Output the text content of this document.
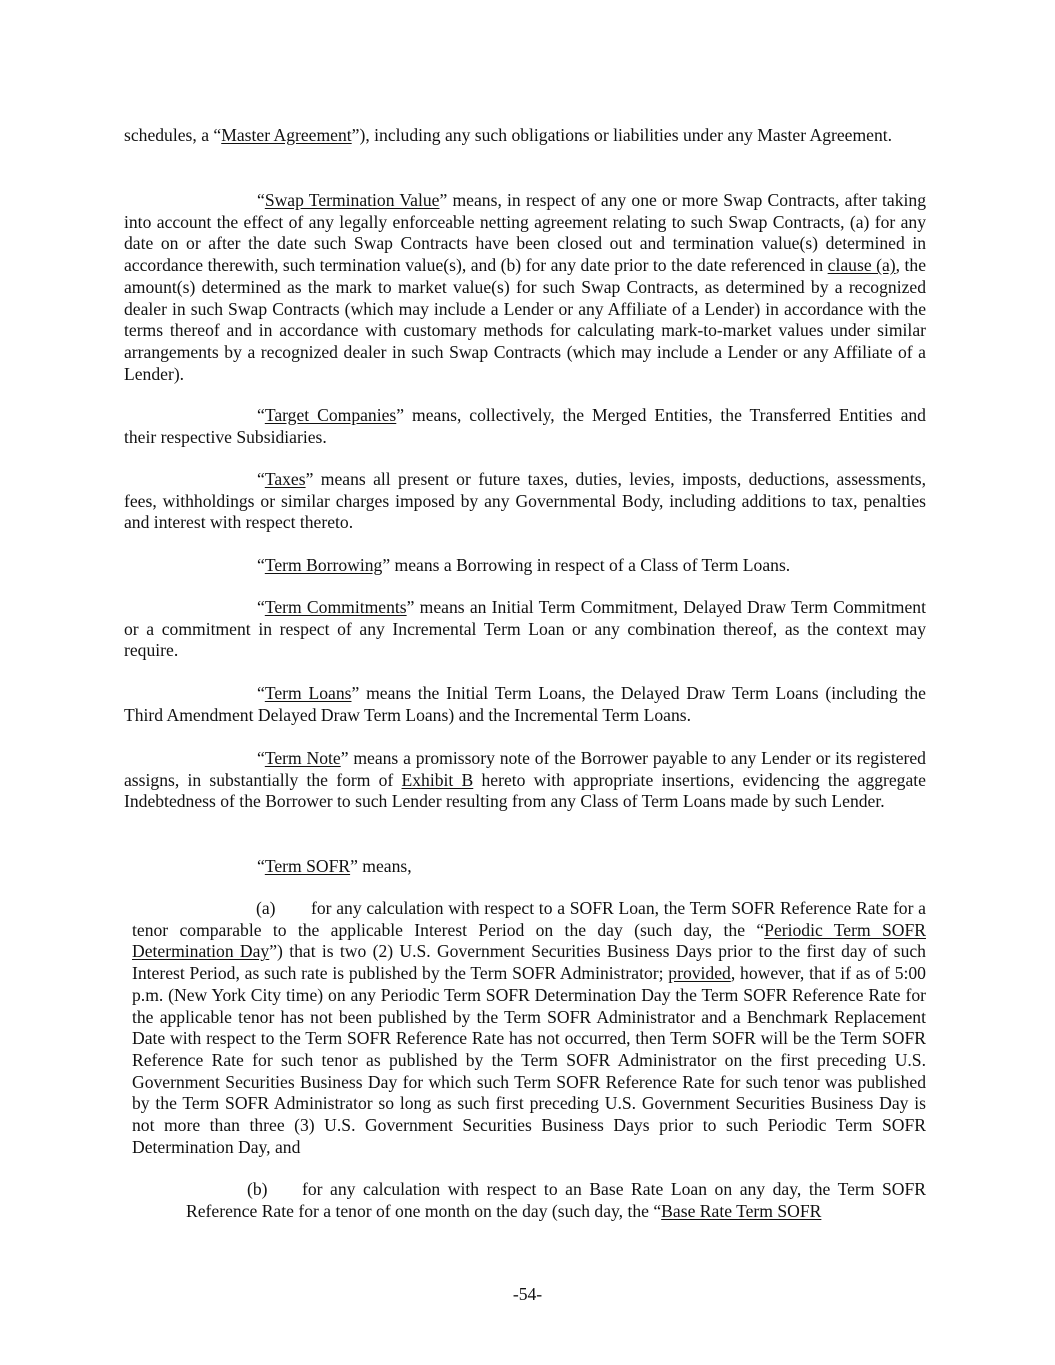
schedules, a “Master Agreement”), including any such obligations or liabilities under any Master Agreement.

“Swap Termination Value” means, in respect of any one or more Swap Contracts, after taking into account the effect of any legally enforceable netting agreement relating to such Swap Contracts, (a) for any date on or after the date such Swap Contracts have been closed out and termination value(s) determined in accordance therewith, such termination value(s), and (b) for any date prior to the date referenced in clause (a), the amount(s) determined as the mark to market value(s) for such Swap Contracts, as determined by a recognized dealer in such Swap Contracts (which may include a Lender or any Affiliate of a Lender) in accordance with the terms thereof and in accordance with customary methods for calculating mark-to-market values under similar arrangements by a recognized dealer in such Swap Contracts (which may include a Lender or any Affiliate of a Lender).

“Target Companies” means, collectively, the Merged Entities, the Transferred Entities and their respective Subsidiaries.

“Taxes” means all present or future taxes, duties, levies, imposts, deductions, assessments, fees, withholdings or similar charges imposed by any Governmental Body, including additions to tax, penalties and interest with respect thereto.

“Term Borrowing” means a Borrowing in respect of a Class of Term Loans.

“Term Commitments” means an Initial Term Commitment, Delayed Draw Term Commitment or a commitment in respect of any Incremental Term Loan or any combination thereof, as the context may require.

“Term Loans” means the Initial Term Loans, the Delayed Draw Term Loans (including the Third Amendment Delayed Draw Term Loans) and the Incremental Term Loans.

“Term Note” means a promissory note of the Borrower payable to any Lender or its registered assigns, in substantially the form of Exhibit B hereto with appropriate insertions, evidencing the aggregate Indebtedness of the Borrower to such Lender resulting from any Class of Term Loans made by such Lender.

“Term SOFR” means,

(a) for any calculation with respect to a SOFR Loan, the Term SOFR Reference Rate for a tenor comparable to the applicable Interest Period on the day (such day, the “Periodic Term SOFR Determination Day”) that is two (2) U.S. Government Securities Business Days prior to the first day of such Interest Period, as such rate is published by the Term SOFR Administrator; provided, however, that if as of 5:00 p.m. (New York City time) on any Periodic Term SOFR Determination Day the Term SOFR Reference Rate for the applicable tenor has not been published by the Term SOFR Administrator and a Benchmark Replacement Date with respect to the Term SOFR Reference Rate has not occurred, then Term SOFR will be the Term SOFR Reference Rate for such tenor as published by the Term SOFR Administrator on the first preceding U.S. Government Securities Business Day for which such Term SOFR Reference Rate for such tenor was published by the Term SOFR Administrator so long as such first preceding U.S. Government Securities Business Day is not more than three (3) U.S. Government Securities Business Days prior to such Periodic Term SOFR Determination Day, and

(b) for any calculation with respect to an Base Rate Loan on any day, the Term SOFR Reference Rate for a tenor of one month on the day (such day, the “Base Rate Term SOFR

-54-
